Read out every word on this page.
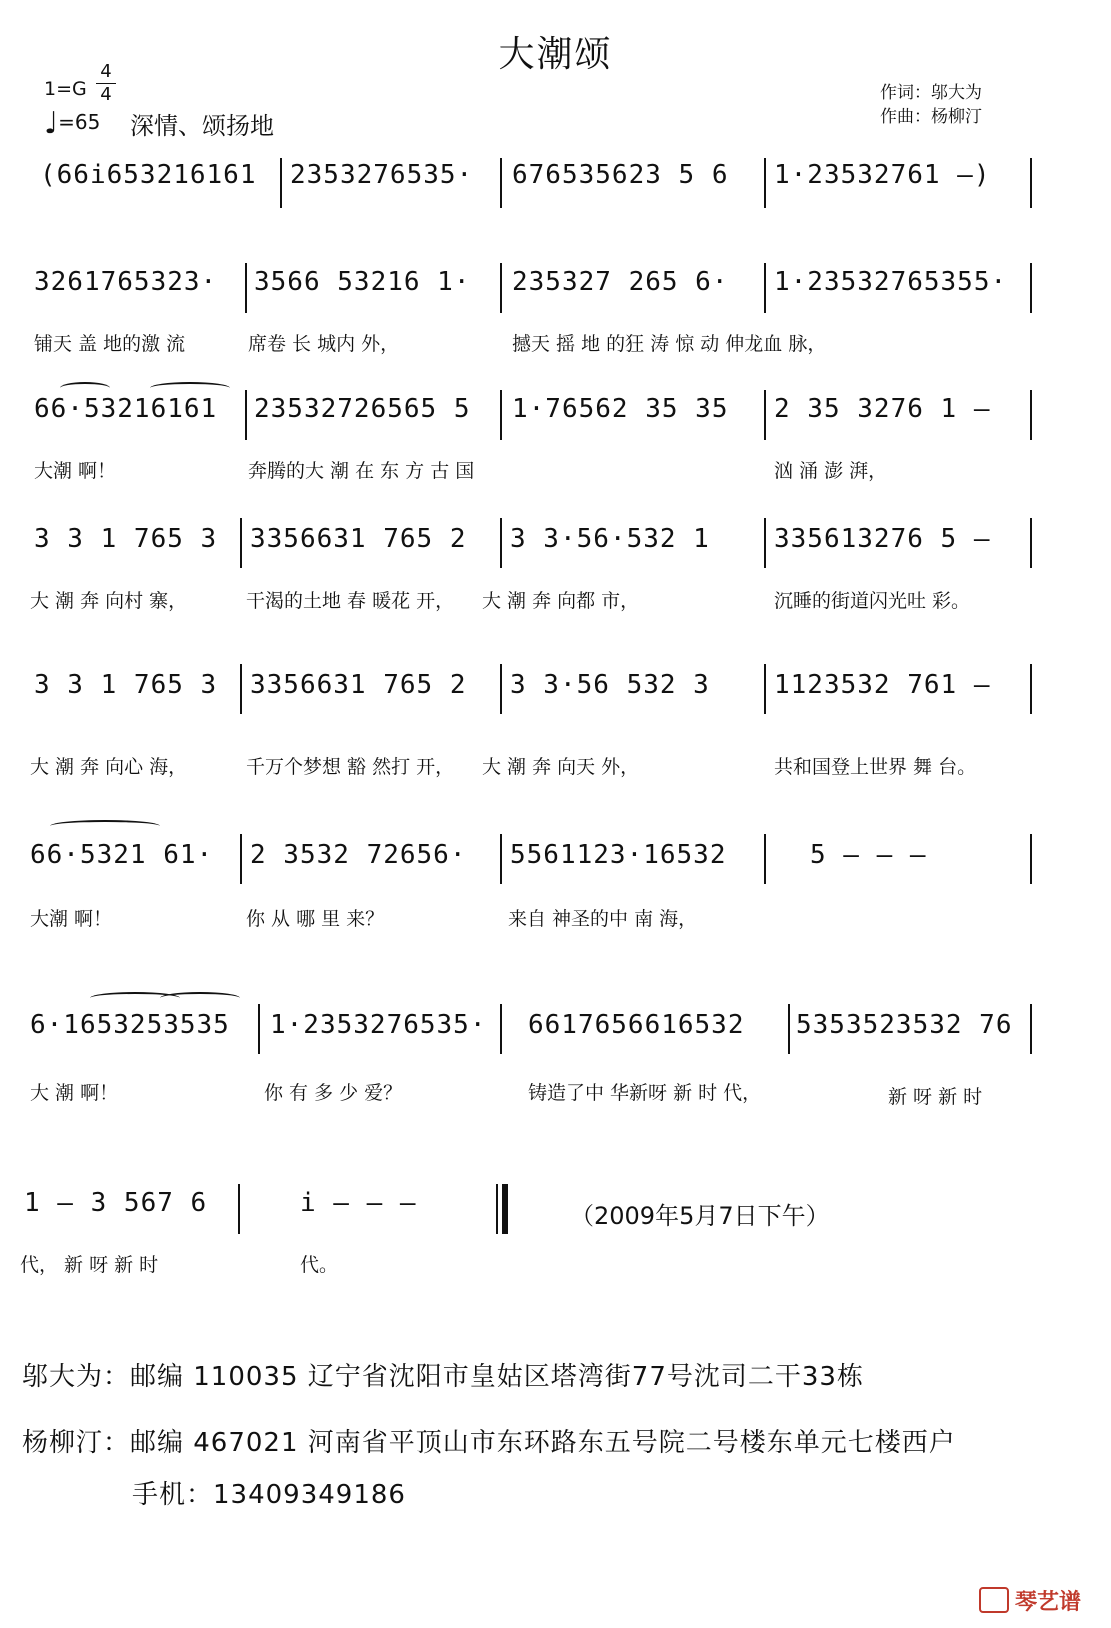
大潮颂
1=G
4
4
♩=65 深情、颂扬地
作词：邬大为
作曲：杨柳汀
(66i653216161 2353276535· 676535623 5 6 1·23532761 –)
3261765323· 3566 53216 1· 235327 265 6· 1·23532765355·
铺天 盖 地的激 流	席卷 长 城内 外，	撼天 摇 地 的狂 涛 惊 动 伸龙血 脉，
66·53216161 23532726565 5 1·76562 35 35 2 35 3276 1 –
大潮 啊！	奔腾的大 潮 在 东 方 古 国	汹 涌 澎 湃，
3 3 1 765 3 3356631 765 2 3 3·56·532 1 335613276 5 –
大 潮 奔 向村 寨，	干渴的土地 春 暖花 开， 大 潮 奔 向都 市，	沉睡的街道闪光吐 彩。
3 3 1 765 3 3356631 765 2 3 3·56 532 3 1123532 761 –
大 潮 奔 向心 海，	千万个梦想 豁 然打 开， 大 潮 奔 向天 外，	共和国登上世界 舞 台。
66·5321 61· 2 3532 72656· 5561123·16532	5 – – –
大潮 啊！	你 从 哪 里 来？	来自 神圣的中 南 海，
6·1653253535 1·2353276535· 6617656616532 5353523532 76
大 潮 啊！	你 有 多 少 爱？	铸造了中 华新呀 新 时 代，	新 呀 新 时
1 – 3 567 6	i – – –	（2009年5月7日下午）
代， 新 呀 新 时	代。
邬大为：邮编 110035 辽宁省沈阳市皇姑区塔湾街77号沈司二干33栋
杨柳汀：邮编 467021 河南省平顶山市东环路东五号院二号楼东单元七楼西户
手机：13409349186
琴艺谱
